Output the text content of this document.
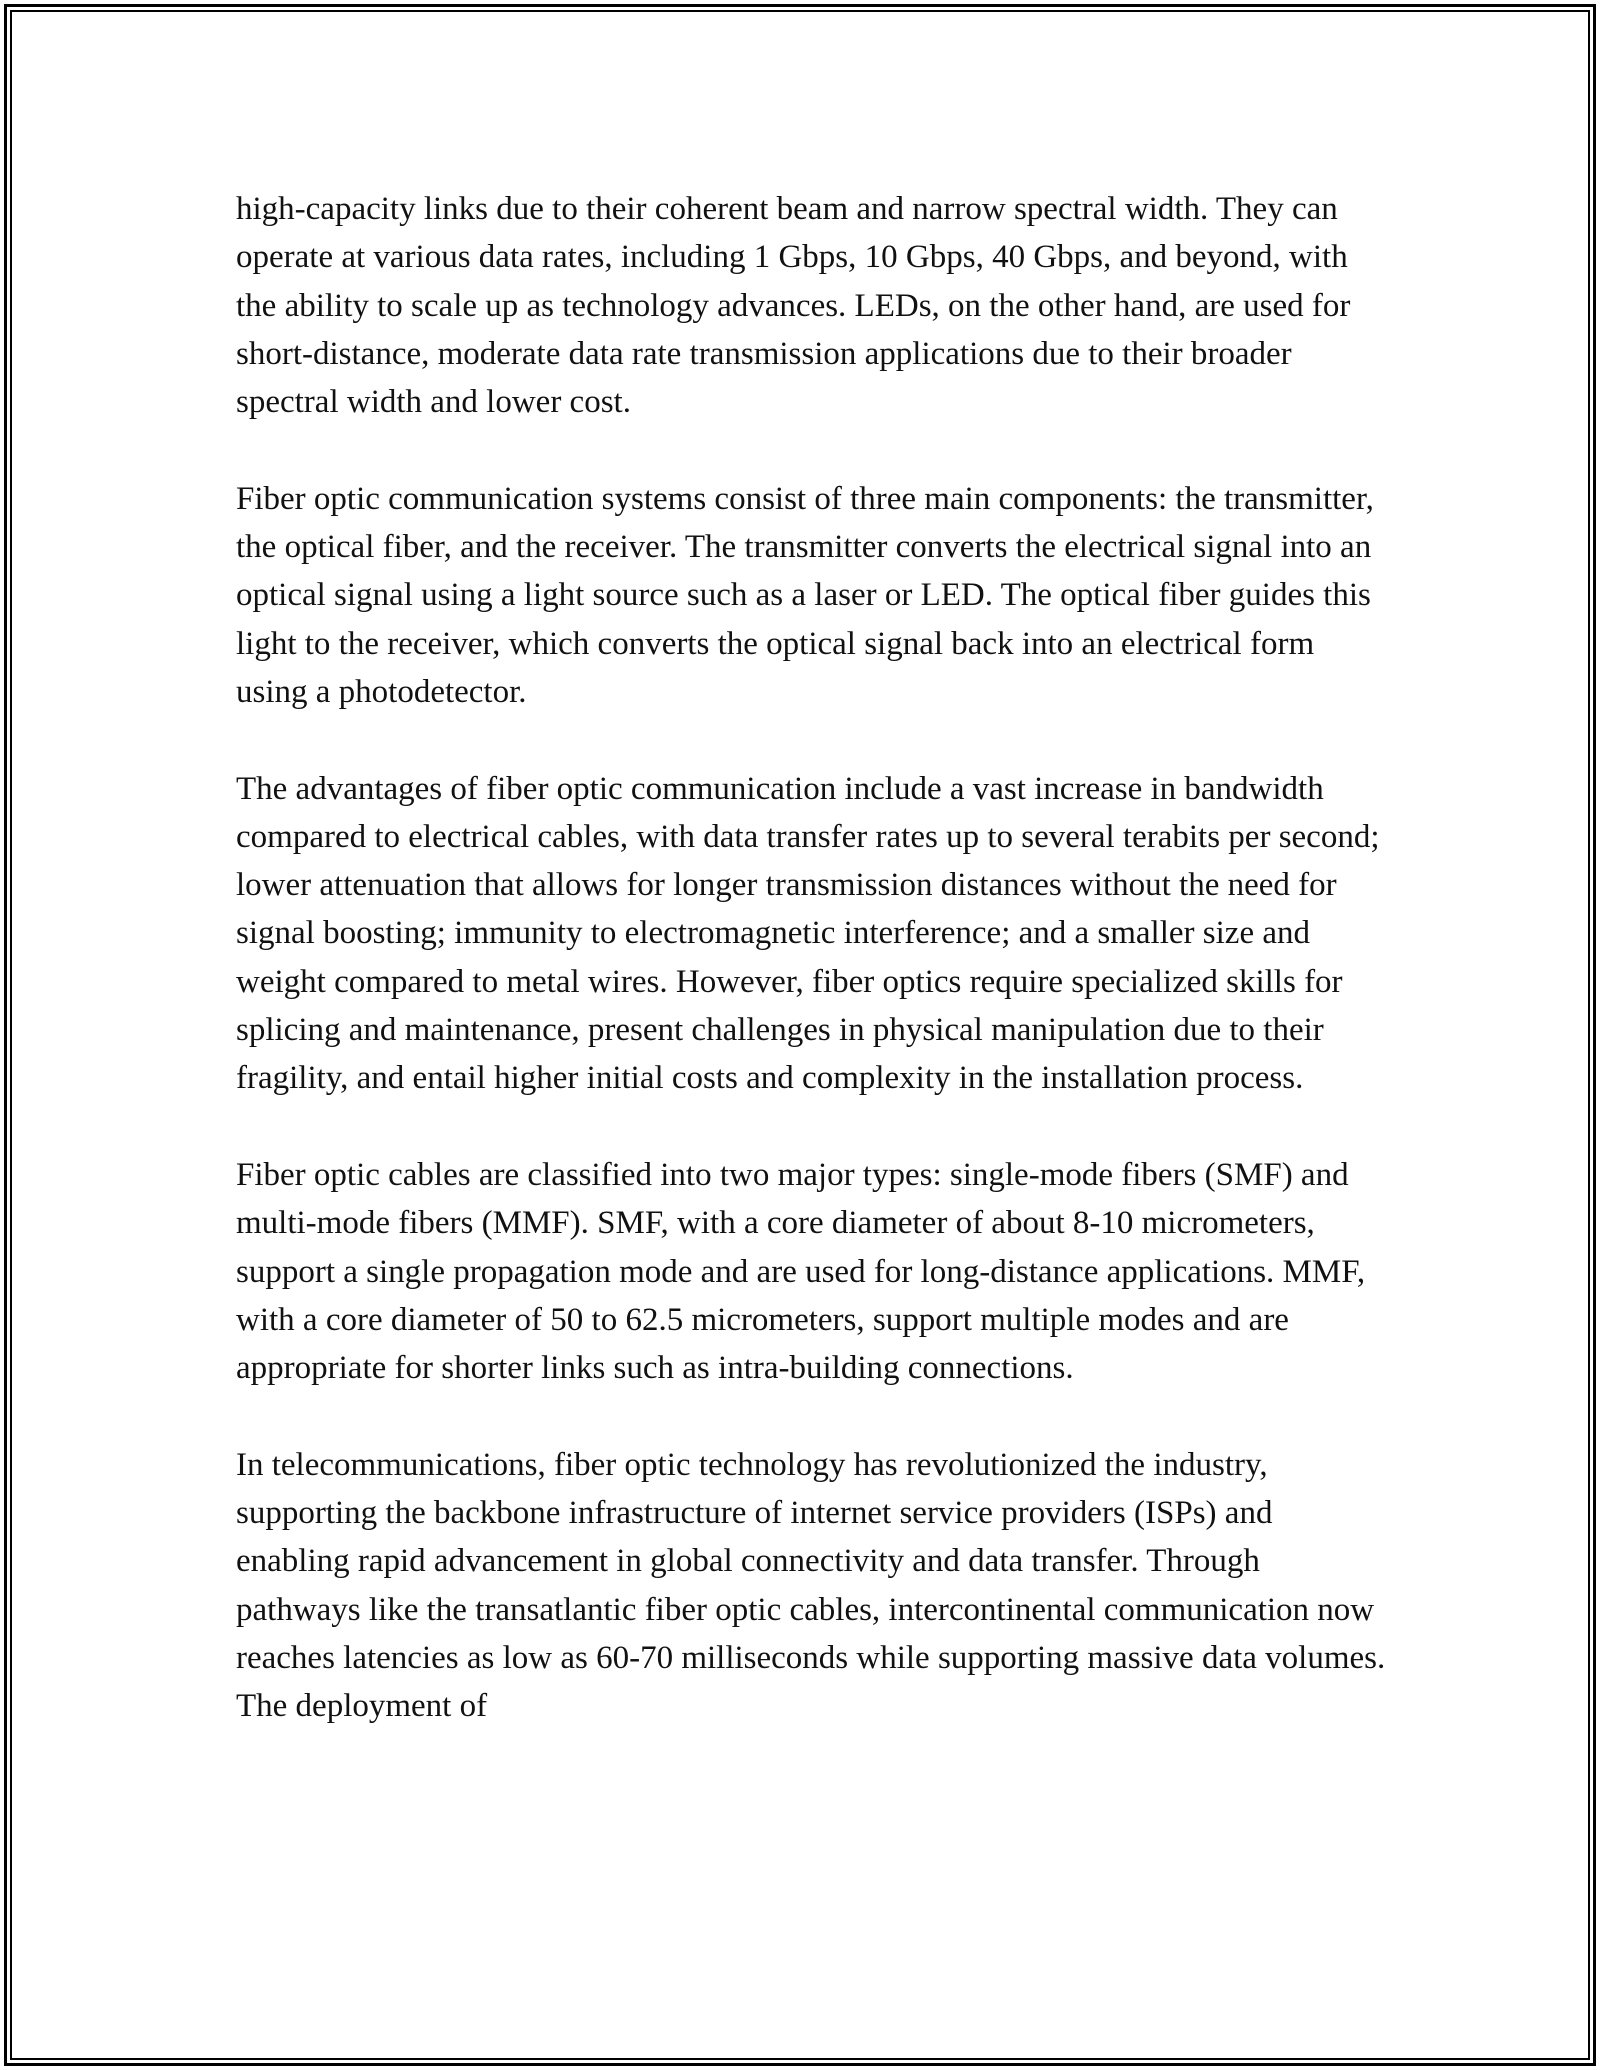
high-capacity links due to their coherent beam and narrow spectral width. They can operate at various data rates, including 1 Gbps, 10 Gbps, 40 Gbps, and beyond, with the ability to scale up as technology advances. LEDs, on the other hand, are used for short-distance, moderate data rate transmission applications due to their broader spectral width and lower cost.

Fiber optic communication systems consist of three main components: the transmitter, the optical fiber, and the receiver. The transmitter converts the electrical signal into an optical signal using a light source such as a laser or LED. The optical fiber guides this light to the receiver, which converts the optical signal back into an electrical form using a photodetector.

The advantages of fiber optic communication include a vast increase in bandwidth compared to electrical cables, with data transfer rates up to several terabits per second; lower attenuation that allows for longer transmission distances without the need for signal boosting; immunity to electromagnetic interference; and a smaller size and weight compared to metal wires. However, fiber optics require specialized skills for splicing and maintenance, present challenges in physical manipulation due to their fragility, and entail higher initial costs and complexity in the installation process.

Fiber optic cables are classified into two major types: single-mode fibers (SMF) and multi-mode fibers (MMF). SMF, with a core diameter of about 8-10 micrometers, support a single propagation mode and are used for long-distance applications. MMF, with a core diameter of 50 to 62.5 micrometers, support multiple modes and are appropriate for shorter links such as intra-building connections.

In telecommunications, fiber optic technology has revolutionized the industry, supporting the backbone infrastructure of internet service providers (ISPs) and enabling rapid advancement in global connectivity and data transfer. Through pathways like the transatlantic fiber optic cables, intercontinental communication now reaches latencies as low as 60-70 milliseconds while supporting massive data volumes. The deployment of
